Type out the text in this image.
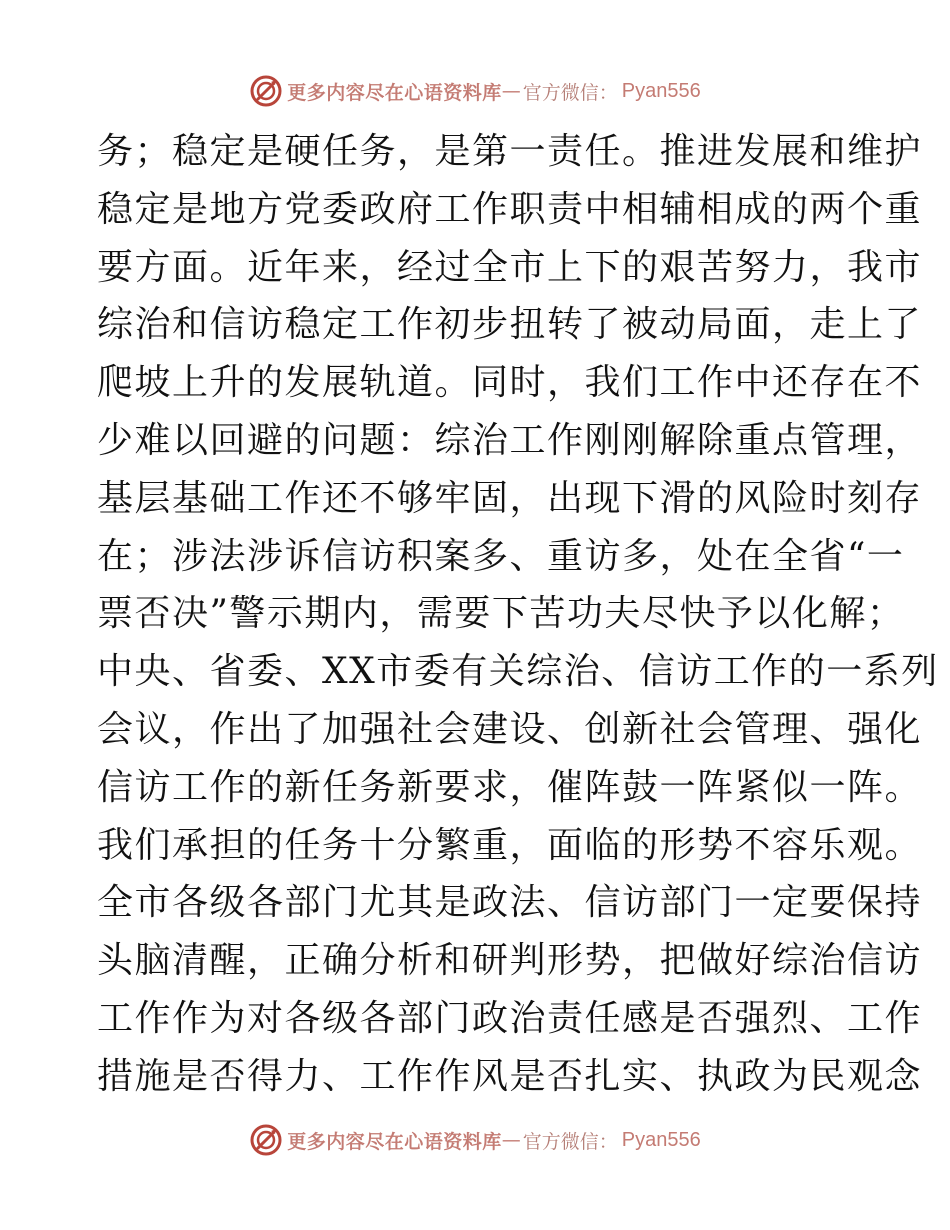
更多内容尽在心语资料库 — 官方微信： Pyan556
务；稳定是硬任务，是第一责任。推进发展和维护
稳定是地方党委政府工作职责中相辅相成的两个重
要方面。近年来，经过全市上下的艰苦努力，我市
综治和信访稳定工作初步扭转了被动局面，走上了
爬坡上升的发展轨道。同时，我们工作中还存在不
少难以回避的问题：综治工作刚刚解除重点管理，
基层基础工作还不够牢固，出现下滑的风险时刻存
在；涉法涉诉信访积案多、重访多，处在全省“一
票否决”警示期内，需要下苦功夫尽快予以化解；
中央、省委、XX市委有关综治、信访工作的一系列
会议，作出了加强社会建设、创新社会管理、强化
信访工作的新任务新要求，催阵鼓一阵紧似一阵。
我们承担的任务十分繁重，面临的形势不容乐观。
全市各级各部门尤其是政法、信访部门一定要保持
头脑清醒，正确分析和研判形势，把做好综治信访
工作作为对各级各部门政治责任感是否强烈、工作
措施是否得力、工作作风是否扎实、执政为民观念
更多内容尽在心语资料库 — 官方微信： Pyan556
